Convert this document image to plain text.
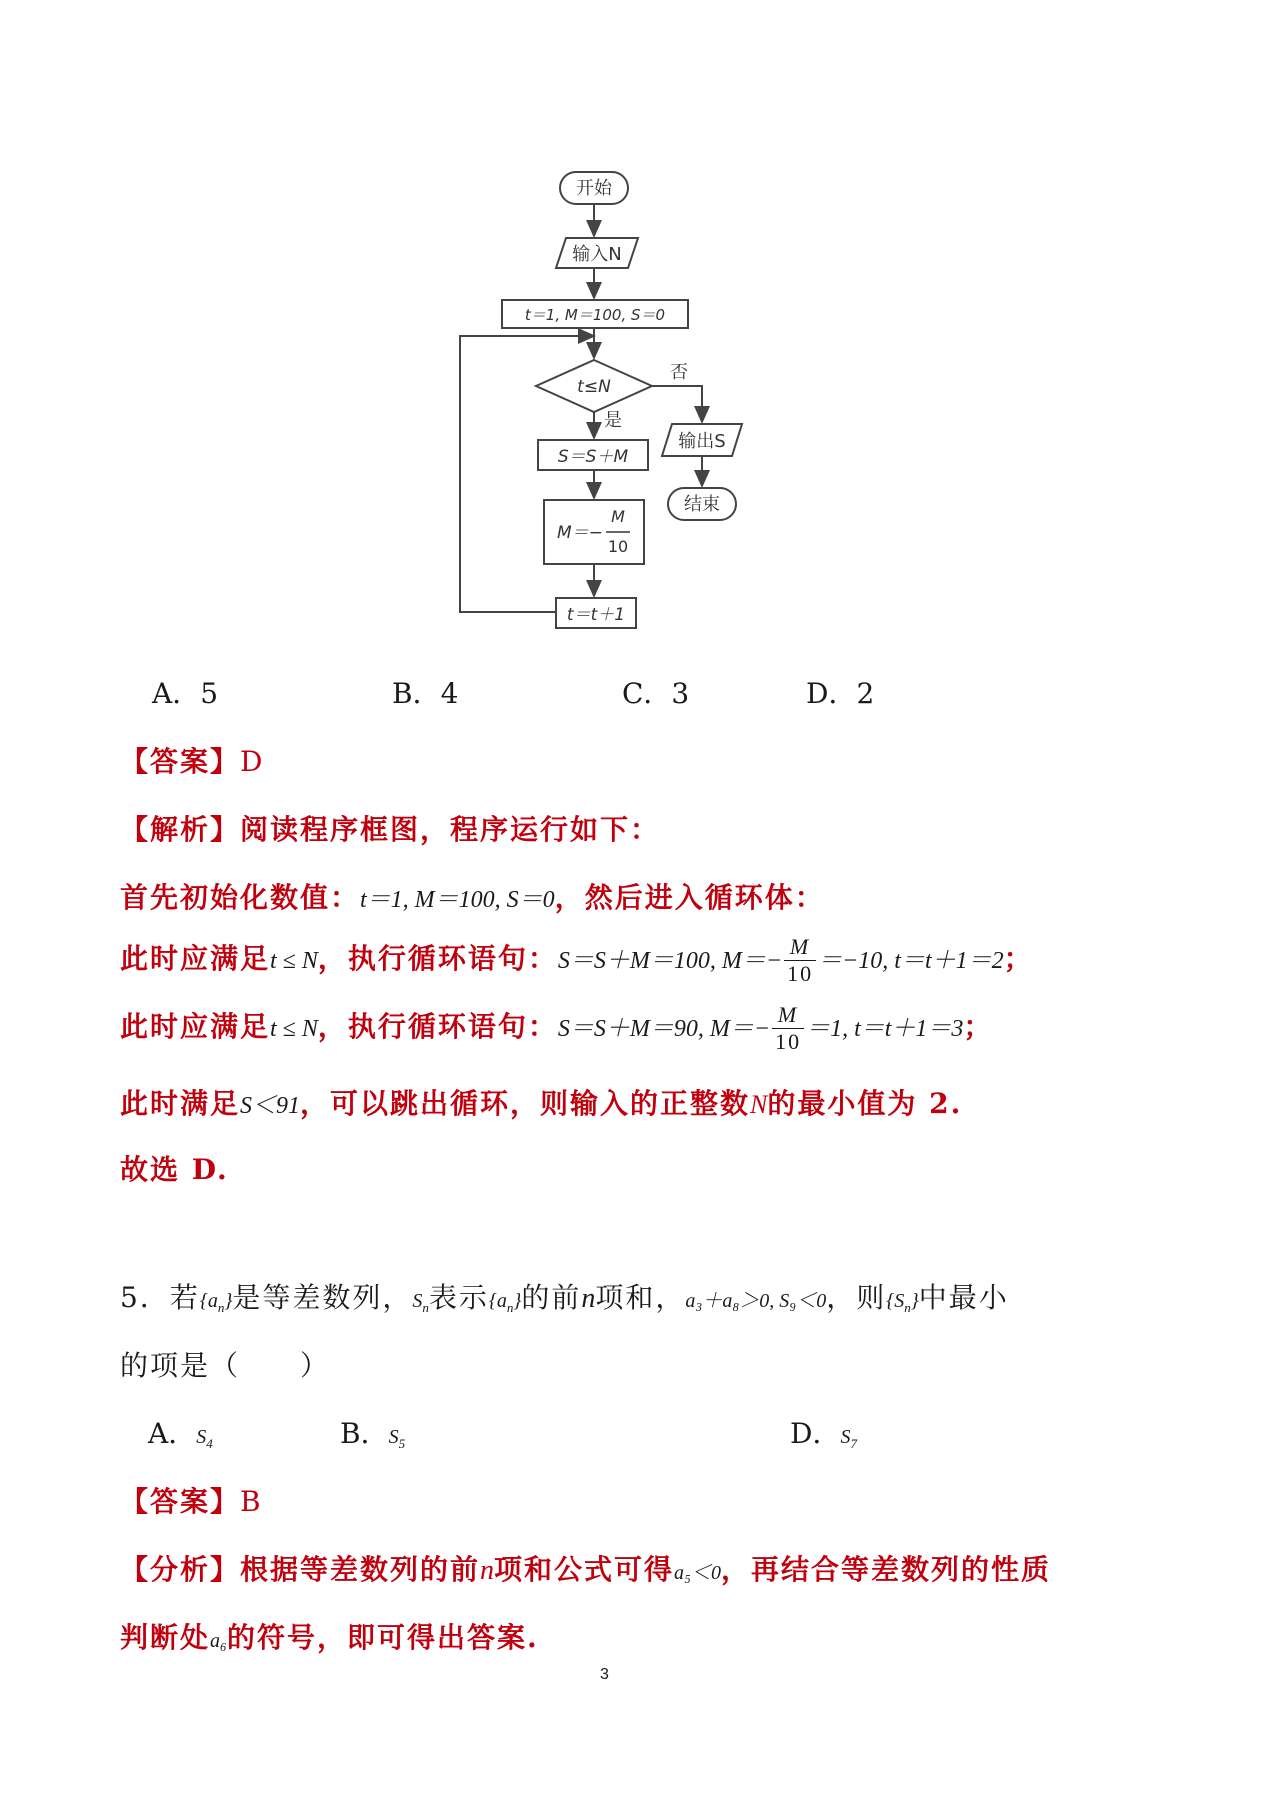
开始
输入N
t＝1, M＝100, S＝0
t≤N
否
输出S
结束
是
S＝S＋M
M＝−
M
10
t＝t＋1
A．5	B．4	C．3	D．2
【答案】D
【解析】阅读程序框图，程序运行如下：
首先初始化数值：t＝1, M＝100, S＝0，然后进入循环体：
此时应满足t ≤ N，执行循环语句：S＝S＋M＝100, $M=- \frac{M}{10} =-10$, t＝t＋1＝2；
此时应满足t ≤ N，执行循环语句：S＝S＋M＝90, $M=- \frac{M}{10} =1$, t＝t＋1＝3；
此时满足S＜91，可以跳出循环，则输入的正整数N的最小值为 2.
故选 D.
5．若$\{a_n\}$是等差数列，$S_n$表示$\{a_n\}$的前n项和，a₃＋a₈＞0, S₉＜0，则$\{S_n\}$中最小
的项是（　　）
A．$S_4$	B．$S_5$	D．$S_7$
【答案】B
【分析】根据等差数列的前n项和公式可得a₅＜0，再结合等差数列的性质
判断处a₆的符号，即可得出答案.
3
